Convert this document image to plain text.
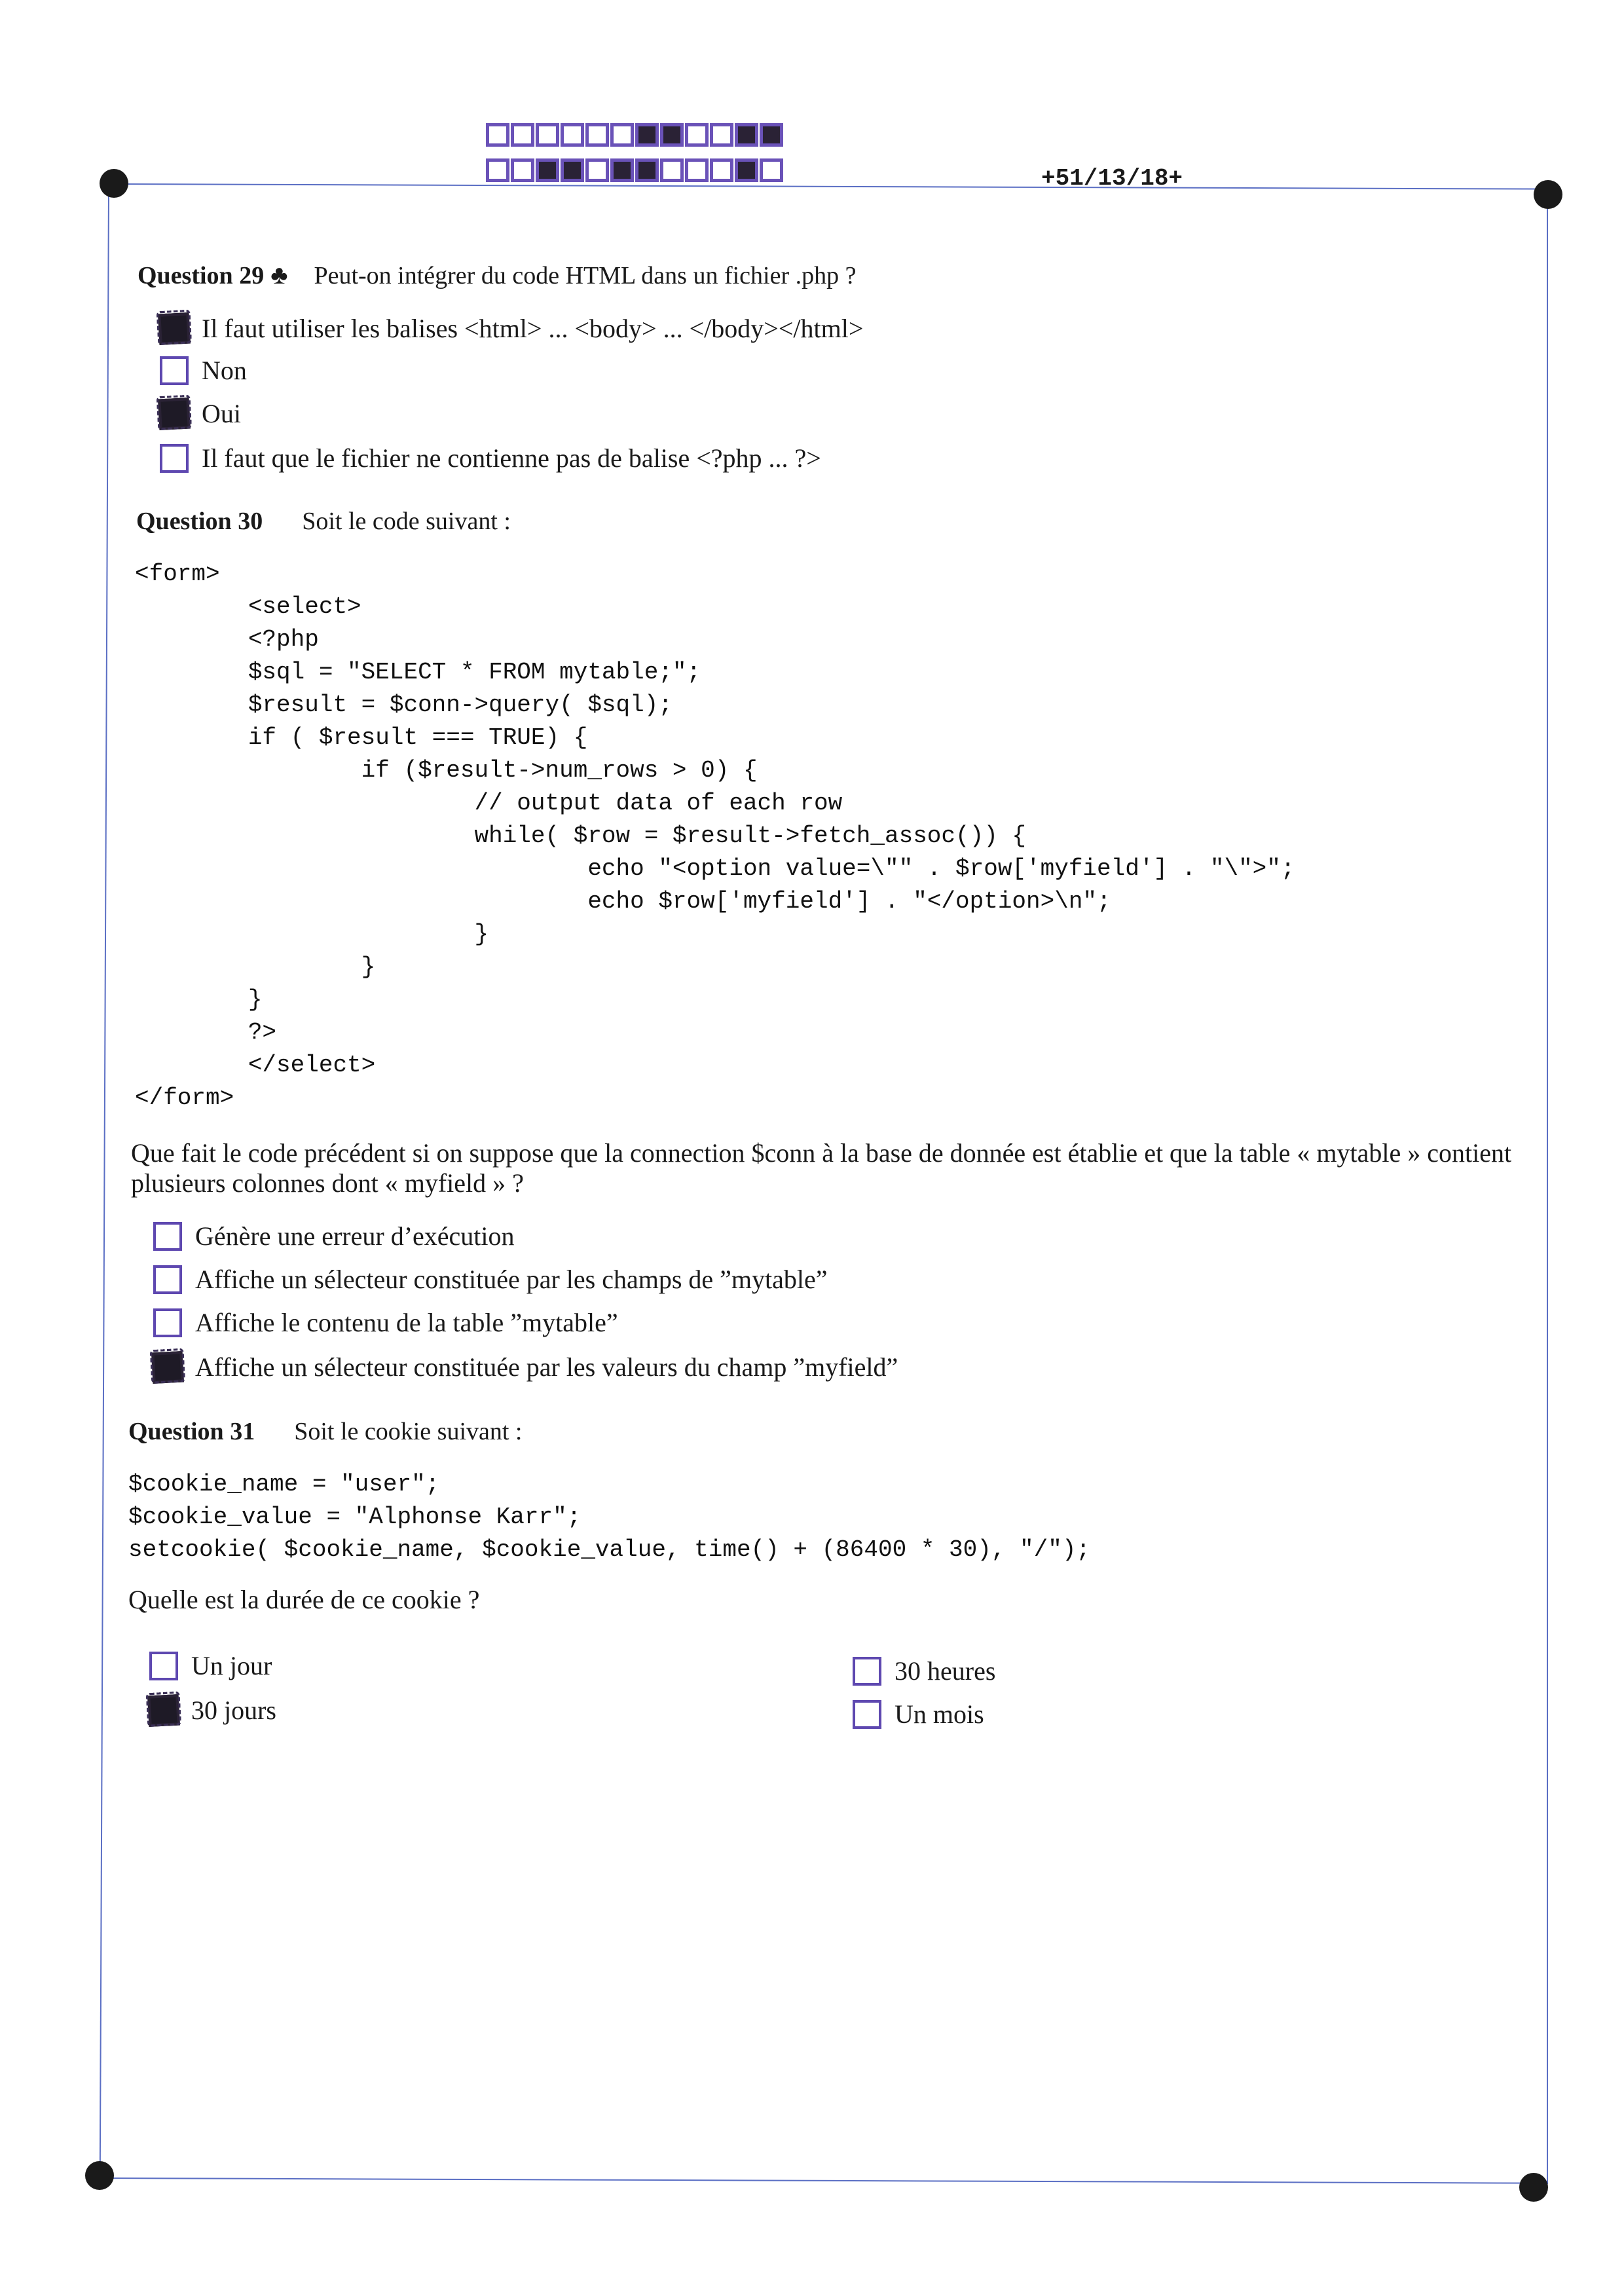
+51/13/18+
Question 29 ♣ Peut-on intégrer du code HTML dans un fichier .php ?
Il faut utiliser les balises <html> ... <body> ... </body></html>
Non
Oui
Il faut que le fichier ne contienne pas de balise <?php ... ?>
Question 30 Soit le code suivant :
<form>
<select>
<?php
$sql = "SELECT * FROM mytable;";
$result = $conn->query( $sql);
if ( $result === TRUE) {
if ($result->num_rows > 0) {
// output data of each row
while( $row = $result->fetch_assoc()) {
echo "<option value=\"" . $row['myfield'] . "\">";
echo $row['myfield'] . "</option>\n";
}
}
}
?>
</select>
</form>
Que fait le code précédent si on suppose que la connection $conn à la base de donnée est établie et que la table « mytable » contient plusieurs colonnes dont « myfield » ?
Génère une erreur d’exécution
Affiche un sélecteur constituée par les champs de ”mytable”
Affiche le contenu de la table ”mytable”
Affiche un sélecteur constituée par les valeurs du champ ”myfield”
Question 31 Soit le cookie suivant :
$cookie_name = "user";
$cookie_value = "Alphonse Karr";
setcookie( $cookie_name, $cookie_value, time() + (86400 * 30), "/");
Quelle est la durée de ce cookie ?
Un jour
30 jours
30 heures
Un mois
